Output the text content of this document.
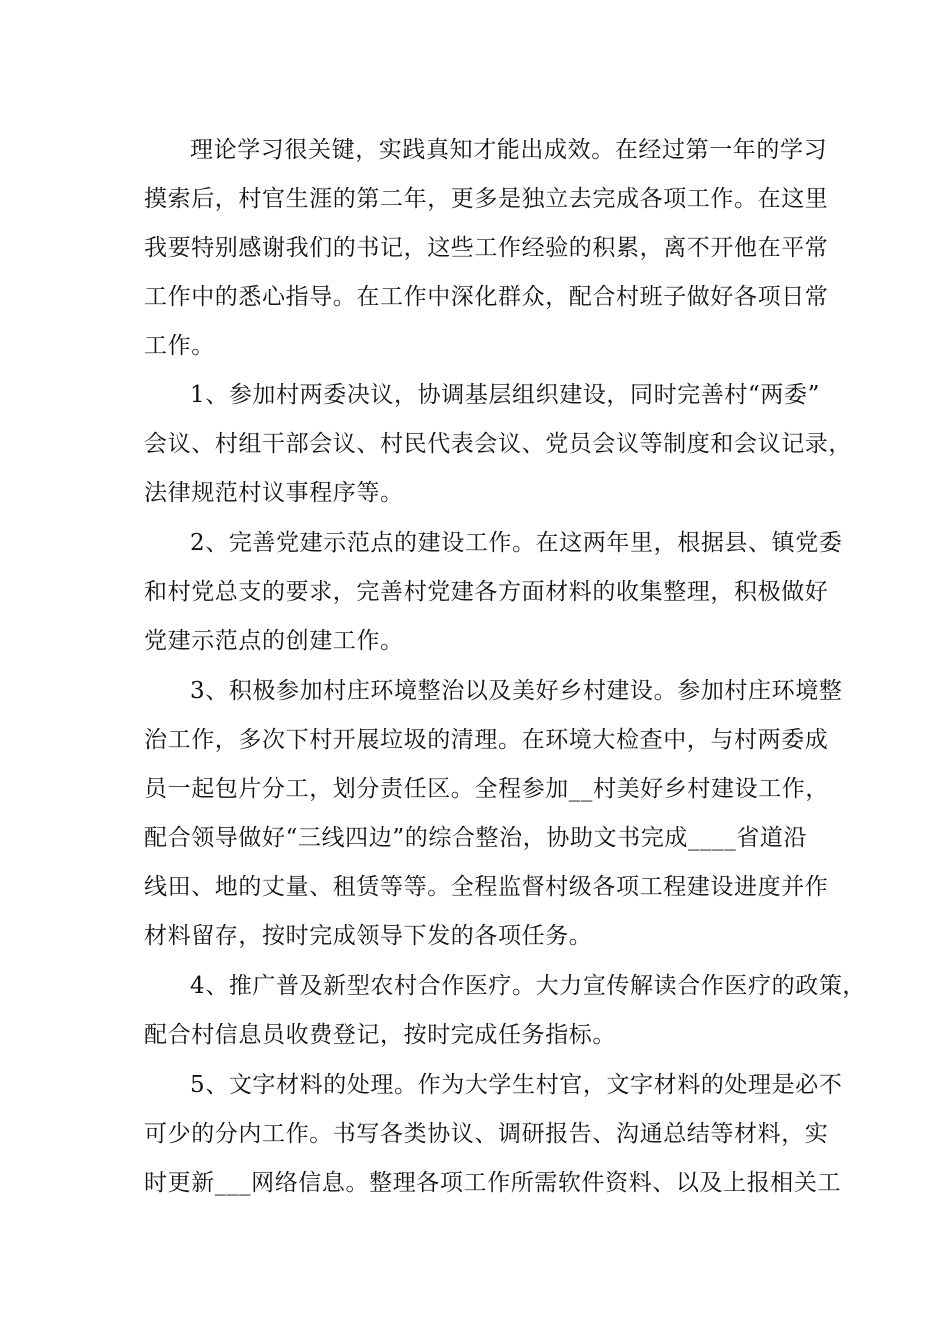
理论学习很关键，实践真知才能出成效。在经过第一年的学习
摸索后，村官生涯的第二年，更多是独立去完成各项工作。在这里
我要特别感谢我们的书记，这些工作经验的积累，离不开他在平常
工作中的悉心指导。在工作中深化群众，配合村班子做好各项日常
工作。
1、参加村两委决议，协调基层组织建设，同时完善村“两委”
会议、村组干部会议、村民代表会议、党员会议等制度和会议记录，
法律规范村议事程序等。
2、完善党建示范点的建设工作。在这两年里，根据县、镇党委
和村党总支的要求，完善村党建各方面材料的收集整理，积极做好
党建示范点的创建工作。
3、积极参加村庄环境整治以及美好乡村建设。参加村庄环境整
治工作，多次下村开展垃圾的清理。在环境大检查中，与村两委成
员一起包片分工，划分责任区。全程参加__村美好乡村建设工作，
配合领导做好“三线四边”的综合整治，协助文书完成____省道沿
线田、地的丈量、租赁等等。全程监督村级各项工程建设进度并作
材料留存，按时完成领导下发的各项任务。
4、推广普及新型农村合作医疗。大力宣传解读合作医疗的政策，
配合村信息员收费登记，按时完成任务指标。
5、文字材料的处理。作为大学生村官，文字材料的处理是必不
可少的分内工作。书写各类协议、调研报告、沟通总结等材料，实
时更新___网络信息。整理各项工作所需软件资料、以及上报相关工
